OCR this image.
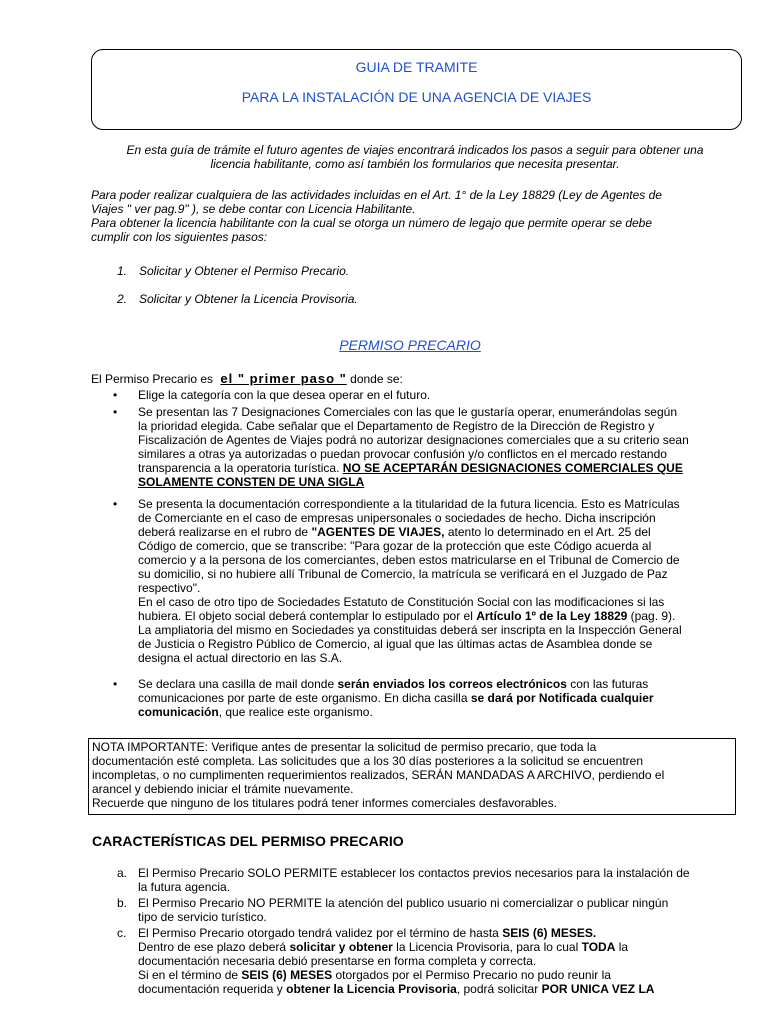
GUIA DE TRAMITE
PARA LA INSTALACIÓN DE UNA AGENCIA DE VIAJES
En esta guía de trámite el futuro agentes de viajes encontrará indicados los pasos a seguir para obtener una
licencia habilitante, como así también los formularios que necesita presentar.
Para poder realizar cualquiera de las actividades incluidas en el Art. 1° de la Ley 18829 (Ley de Agentes de
Viajes " ver pag.9" ), se debe contar con Licencia Habilitante.
Para obtener la licencia habilitante con la cual se otorga un número de legajo que permite operar se debe
cumplir con los siguientes pasos:
1. Solicitar y Obtener el Permiso Precario.
2. Solicitar y Obtener la Licencia Provisoria.
PERMISO PRECARIO
El Permiso Precario es el " primer paso " donde se:
• Elige la categoría con la que desea operar en el futuro.
• Se presentan las 7 Designaciones Comerciales con las que le gustaría operar, enumerándolas según
la prioridad elegida. Cabe señalar que el Departamento de Registro de la Dirección de Registro y
Fiscalización de Agentes de Viajes podrá no autorizar designaciones comerciales que a su criterio sean
similares a otras ya autorizadas o puedan provocar confusión y/o conflictos en el mercado restando
transparencia a la operatoria turística. NO SE ACEPTARÁN DESIGNACIONES COMERCIALES QUE
SOLAMENTE CONSTEN DE UNA SIGLA
• Se presenta la documentación correspondiente a la titularidad de la futura licencia. Esto es Matrículas
de Comerciante en el caso de empresas unipersonales o sociedades de hecho. Dicha inscripción
deberá realizarse en el rubro de "AGENTES DE VIAJES, atento lo determinado en el Art. 25 del
Código de comercio, que se transcribe: "Para gozar de la protección que este Código acuerda al
comercio y a la persona de los comerciantes, deben estos matricularse en el Tribunal de Comercio de
su domicilio, si no hubiere allí Tribunal de Comercio, la matrícula se verificará en el Juzgado de Paz
respectivo".
En el caso de otro tipo de Sociedades Estatuto de Constitución Social con las modificaciones si las
hubiera. El objeto social deberá contemplar lo estipulado por el Artículo 1º de la Ley 18829 (pag. 9).
La ampliatoria del mismo en Sociedades ya constituidas deberá ser inscripta en la Inspección General
de Justicia o Registro Público de Comercio, al igual que las últimas actas de Asamblea donde se
designa el actual directorio en las S.A.
• Se declara una casilla de mail donde serán enviados los correos electrónicos con las futuras
comunicaciones por parte de este organismo. En dicha casilla se dará por Notificada cualquier
comunicación, que realice este organismo.
NOTA IMPORTANTE: Verifique antes de presentar la solicitud de permiso precario, que toda la
documentación esté completa. Las solicitudes que a los 30 días posteriores a la solicitud se encuentren
incompletas, o no cumplimenten requerimientos realizados, SERÁN MANDADAS A ARCHIVO, perdiendo el
arancel y debiendo iniciar el trámite nuevamente.
Recuerde que ninguno de los titulares podrá tener informes comerciales desfavorables.
CARACTERÍSTICAS DEL PERMISO PRECARIO
a. El Permiso Precario SOLO PERMITE establecer los contactos previos necesarios para la instalación de
la futura agencia.
b. El Permiso Precario NO PERMITE la atención del publico usuario ni comercializar o publicar ningún
tipo de servicio turístico.
c. El Permiso Precario otorgado tendrá validez por el término de hasta SEIS (6) MESES.
Dentro de ese plazo deberá solicitar y obtener la Licencia Provisoria, para lo cual TODA la
documentación necesaria debió presentarse en forma completa y correcta.
Si en el término de SEIS (6) MESES otorgados por el Permiso Precario no pudo reunir la
documentación requerida y obtener la Licencia Provisoria, podrá solicitar POR UNICA VEZ LA
